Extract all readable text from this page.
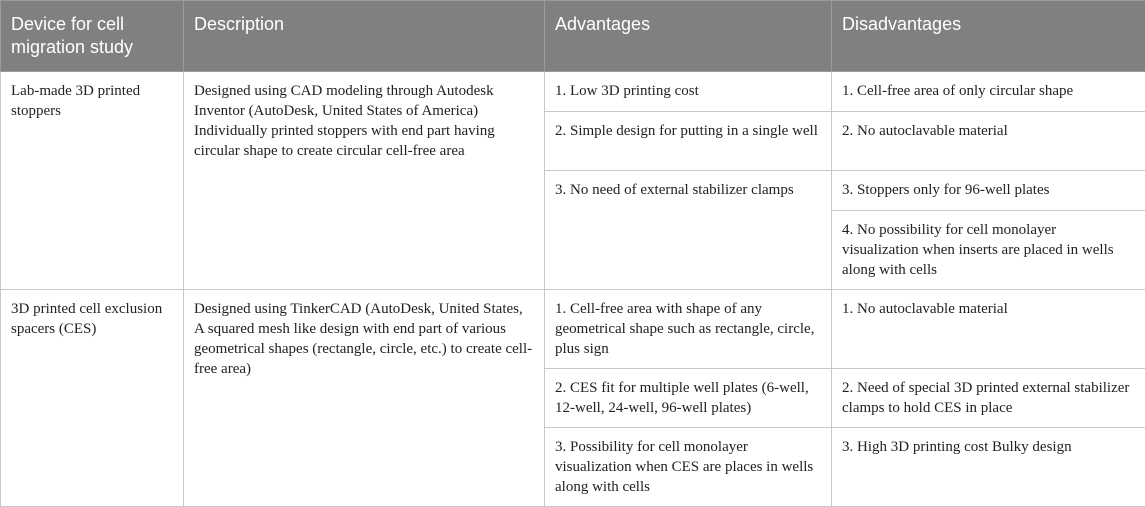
Device for cell migration study	Description	Advantages	Disadvantages
Lab-made 3D printed stoppers	Designed using CAD modeling through Autodesk Inventor (AutoDesk, United States of America) Individually printed stoppers with end part having circular shape to create circular cell-free area	1. Low 3D printing cost	1. Cell-free area of only circular shape
		2. Simple design for putting in a single well	2. No autoclavable material
		3. No need of external stabilizer clamps	3. Stoppers only for 96-well plates
			4. No possibility for cell monolayer visualization when inserts are placed in wells along with cells
3D printed cell exclusion spacers (CES)	Designed using TinkerCAD (AutoDesk, United States, A squared mesh like design with end part of various geometrical shapes (rectangle, circle, etc.) to create cell-free area)	1. Cell-free area with shape of any geometrical shape such as rectangle, circle, plus sign	1. No autoclavable material
		2. CES fit for multiple well plates (6-well, 12-well, 24-well, 96-well plates)	2. Need of special 3D printed external stabilizer clamps to hold CES in place
		3. Possibility for cell monolayer visualization when CES are places in wells along with cells	3. High 3D printing cost Bulky design
